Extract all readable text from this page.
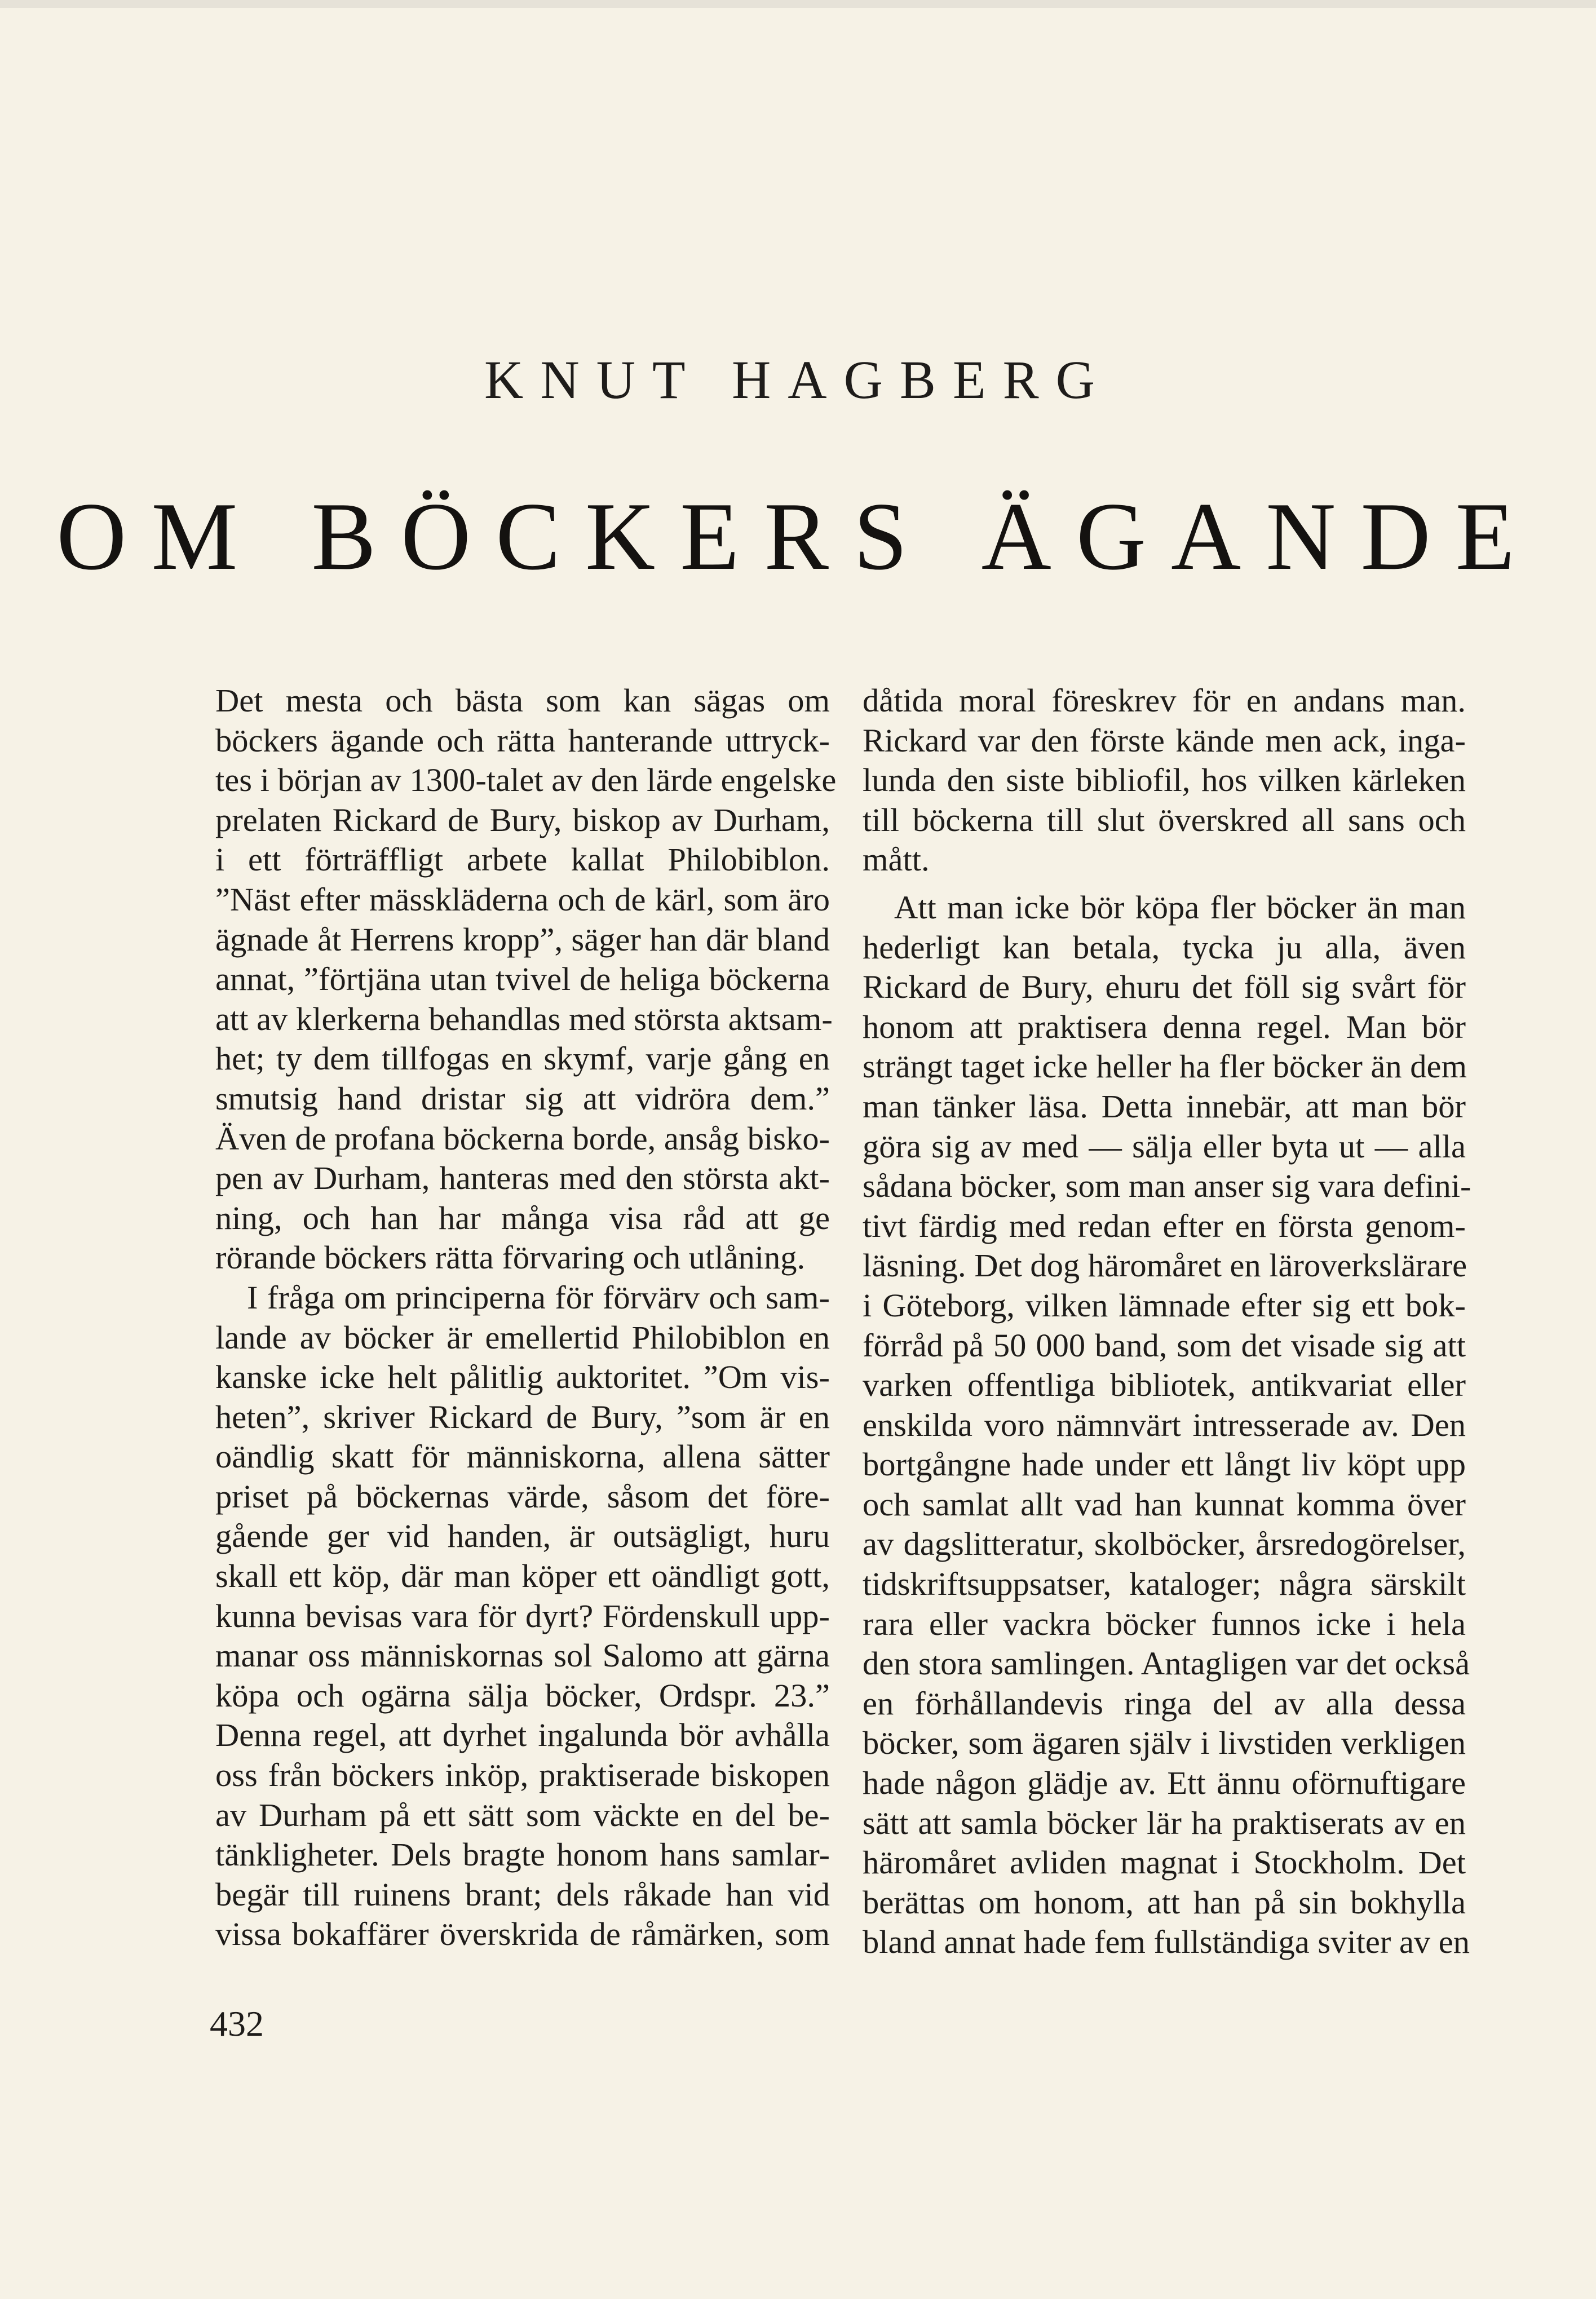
KNUT HAGBERG
OM BÖCKERS ÄGANDE
Det mesta och bästa som kan sägas om
böckers ägande och rätta hanterande uttryck-
tes i början av 1300-talet av den lärde engelske
prelaten Rickard de Bury, biskop av Durham,
i ett förträffligt arbete kallat Philobiblon.
”Näst efter mässkläderna och de kärl, som äro
ägnade åt Herrens kropp”, säger han där bland
annat, ”förtjäna utan tvivel de heliga böckerna
att av klerkerna behandlas med största aktsam-
het; ty dem tillfogas en skymf, varje gång en
smutsig hand dristar sig att vidröra dem.”
Även de profana böckerna borde, ansåg bisko-
pen av Durham, hanteras med den största akt-
ning, och han har många visa råd att ge
rörande böckers rätta förvaring och utlåning.
I fråga om principerna för förvärv och sam-
lande av böcker är emellertid Philobiblon en
kanske icke helt pålitlig auktoritet. ”Om vis-
heten”, skriver Rickard de Bury, ”som är en
oändlig skatt för människorna, allena sätter
priset på böckernas värde, såsom det före-
gående ger vid handen, är outsägligt, huru
skall ett köp, där man köper ett oändligt gott,
kunna bevisas vara för dyrt? Fördenskull upp-
manar oss människornas sol Salomo att gärna
köpa och ogärna sälja böcker, Ordspr. 23.”
Denna regel, att dyrhet ingalunda bör avhålla
oss från böckers inköp, praktiserade biskopen
av Durham på ett sätt som väckte en del be-
tänkligheter. Dels bragte honom hans samlar-
begär till ruinens brant; dels råkade han vid
vissa bokaffärer överskrida de råmärken, som
dåtida moral föreskrev för en andans man.
Rickard var den förste kände men ack, inga-
lunda den siste bibliofil, hos vilken kärleken
till böckerna till slut överskred all sans och
mått.
Att man icke bör köpa fler böcker än man
hederligt kan betala, tycka ju alla, även
Rickard de Bury, ehuru det föll sig svårt för
honom att praktisera denna regel. Man bör
strängt taget icke heller ha fler böcker än dem
man tänker läsa. Detta innebär, att man bör
göra sig av med — sälja eller byta ut — alla
sådana böcker, som man anser sig vara defini-
tivt färdig med redan efter en första genom-
läsning. Det dog häromåret en läroverkslärare
i Göteborg, vilken lämnade efter sig ett bok-
förråd på 50 000 band, som det visade sig att
varken offentliga bibliotek, antikvariat eller
enskilda voro nämnvärt intresserade av. Den
bortgångne hade under ett långt liv köpt upp
och samlat allt vad han kunnat komma över
av dagslitteratur, skolböcker, årsredogörelser,
tidskriftsuppsatser, kataloger; några särskilt
rara eller vackra böcker funnos icke i hela
den stora samlingen. Antagligen var det också
en förhållandevis ringa del av alla dessa
böcker, som ägaren själv i livstiden verkligen
hade någon glädje av. Ett ännu oförnuftigare
sätt att samla böcker lär ha praktiserats av en
häromåret avliden magnat i Stockholm. Det
berättas om honom, att han på sin bokhylla
bland annat hade fem fullständiga sviter av en
432
